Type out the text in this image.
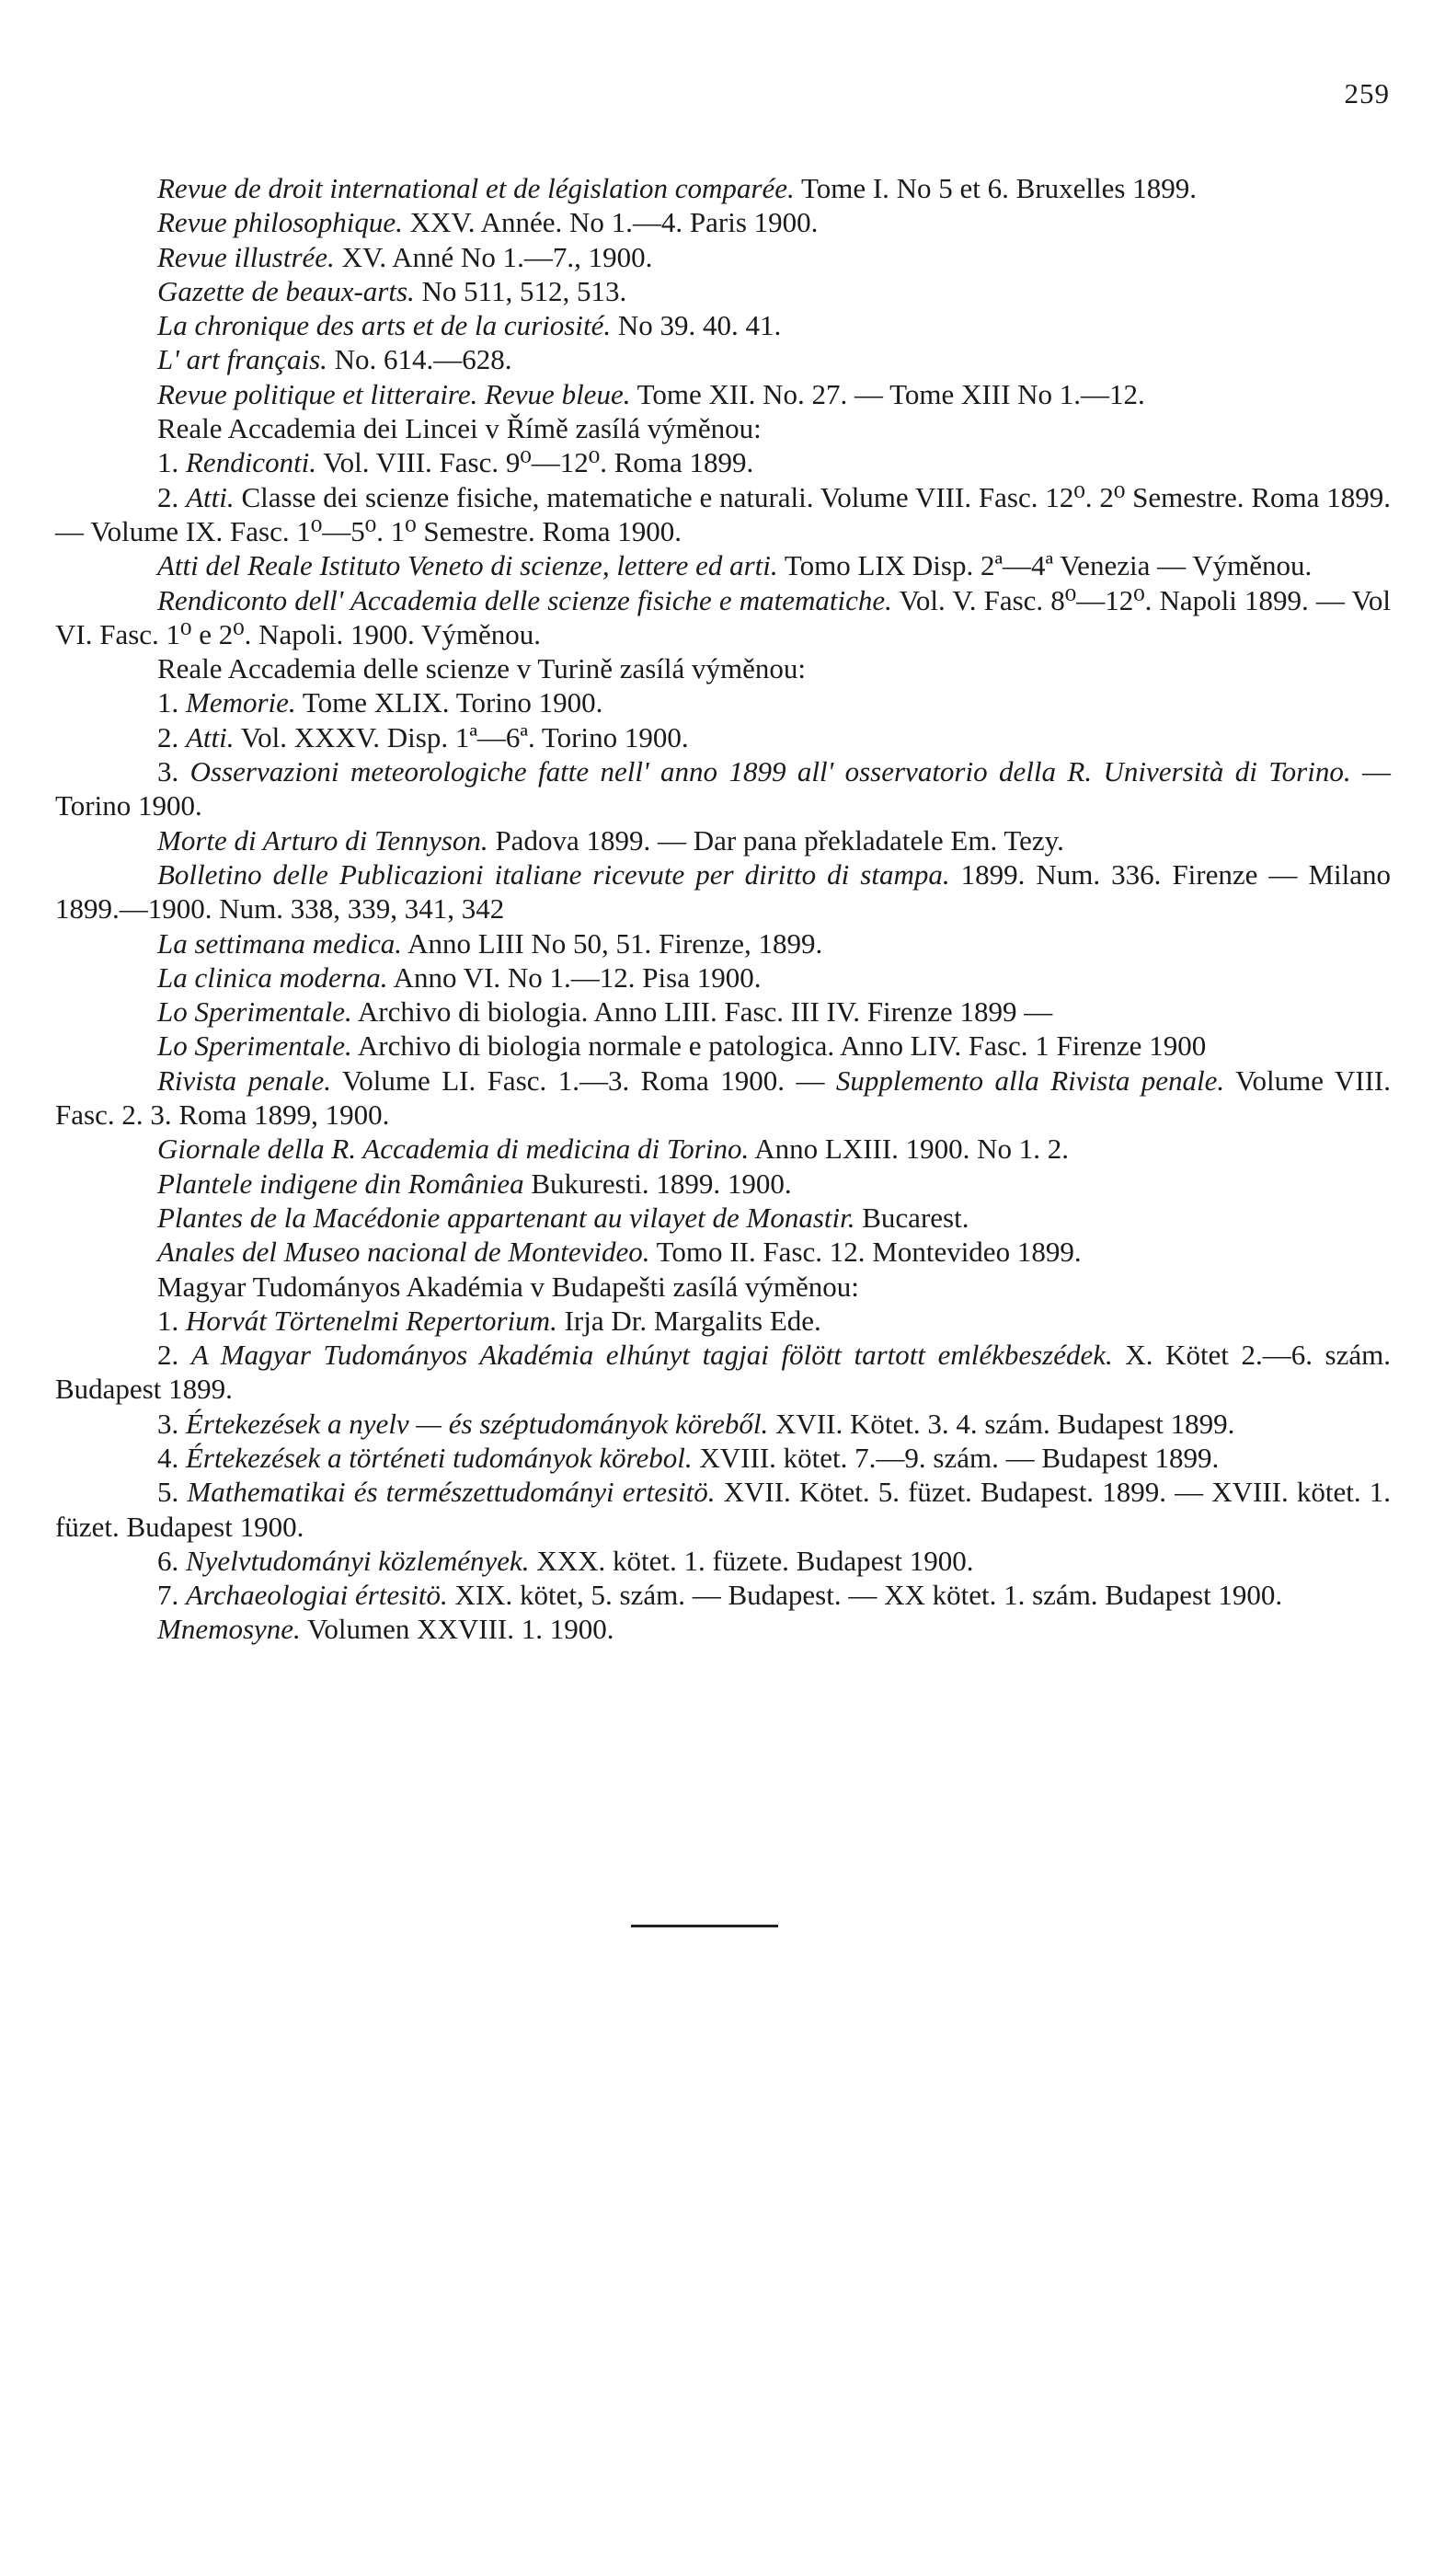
259

Revue de droit international et de législation comparée. Tome I. No 5 et 6. Bruxelles 1899.

Revue philosophique. XXV. Année. No 1.—4. Paris 1900.

Revue illustrée. XV. Anné No 1.—7., 1900.

Gazette de beaux-arts. No 511, 512, 513.

La chronique des arts et de la curiosité. No 39. 40. 41.

L' art français. No. 614.—628.

Revue politique et litteraire. Revue bleue. Tome XII. No. 27. — Tome XIII No 1.—12.

Reale Accademia dei Lincei v Římě zasílá výměnou:

1. Rendiconti. Vol. VIII. Fasc. 9⁰—12⁰. Roma 1899.

2. Atti. Classe dei scienze fisiche, matematiche e naturali. Volume VIII. Fasc. 12⁰. 2⁰ Semestre. Roma 1899. — Volume IX. Fasc. 1⁰—5⁰. 1⁰ Semestre. Roma 1900.

Atti del Reale Istituto Veneto di scienze, lettere ed arti. Tomo LIX Disp. 2ª—4ª Venezia — Výměnou.

Rendiconto dell' Accademia delle scienze fisiche e matematiche. Vol. V. Fasc. 8⁰—12⁰. Napoli 1899. — Vol VI. Fasc. 1⁰ e 2⁰. Napoli. 1900. Výměnou.

Reale Accademia delle scienze v Turině zasílá výměnou:

1. Memorie. Tome XLIX. Torino 1900.

2. Atti. Vol. XXXV. Disp. 1ª—6ª. Torino 1900.

3. Osservazioni meteorologiche fatte nell' anno 1899 all' osservatorio della R. Università di Torino. — Torino 1900.

Morte di Arturo di Tennyson. Padova 1899. — Dar pana překladatele Em. Tezy.

Bolletino delle Publicazioni italiane ricevute per diritto di stampa. 1899. Num. 336. Firenze — Milano 1899.—1900. Num. 338, 339, 341, 342

La settimana medica. Anno LIII No 50, 51. Firenze, 1899.

La clinica moderna. Anno VI. No 1.—12. Pisa 1900.

Lo Sperimentale. Archivo di biologia. Anno LIII. Fasc. III IV. Firenze 1899 —

Lo Sperimentale. Archivo di biologia normale e patologica. Anno LIV. Fasc. 1 Firenze 1900

Rivista penale. Volume LI. Fasc. 1.—3. Roma 1900. — Supplemento alla Rivista penale. Volume VIII. Fasc. 2. 3. Roma 1899, 1900.

Giornale della R. Accademia di medicina di Torino. Anno LXIII. 1900. No 1. 2.

Plantele indigene din Româniea Bukuresti. 1899. 1900.

Plantes de la Macédonie appartenant au vilayet de Monastir. Bucarest.

Anales del Museo nacional de Montevideo. Tomo II. Fasc. 12. Montevideo 1899.

Magyar Tudományos Akadémia v Budapešti zasílá výměnou:

1. Horvát Törtenelmi Repertorium. Irja Dr. Margalits Ede.

2. A Magyar Tudományos Akadémia elhúnyt tagjai fölött tartott emlékbeszédek. X. Kötet 2.—6. szám. Budapest 1899.

3. Értekezések a nyelv — és széptudományok köreből. XVII. Kötet. 3. 4. szám. Budapest 1899.

4. Értekezések a történeti tudományok körebol. XVIII. kötet. 7.—9. szám. — Budapest 1899.

5. Mathematikai és természettudományi ertesitö. XVII. Kötet. 5. füzet. Budapest. 1899. — XVIII. kötet. 1. füzet. Budapest 1900.

6. Nyelvtudományi közlemények. XXX. kötet. 1. füzete. Budapest 1900.

7. Archaeologiai értesitö. XIX. kötet, 5. szám. — Budapest. — XX kötet. 1. szám. Budapest 1900.

Mnemosyne. Volumen XXVIII. 1. 1900.
